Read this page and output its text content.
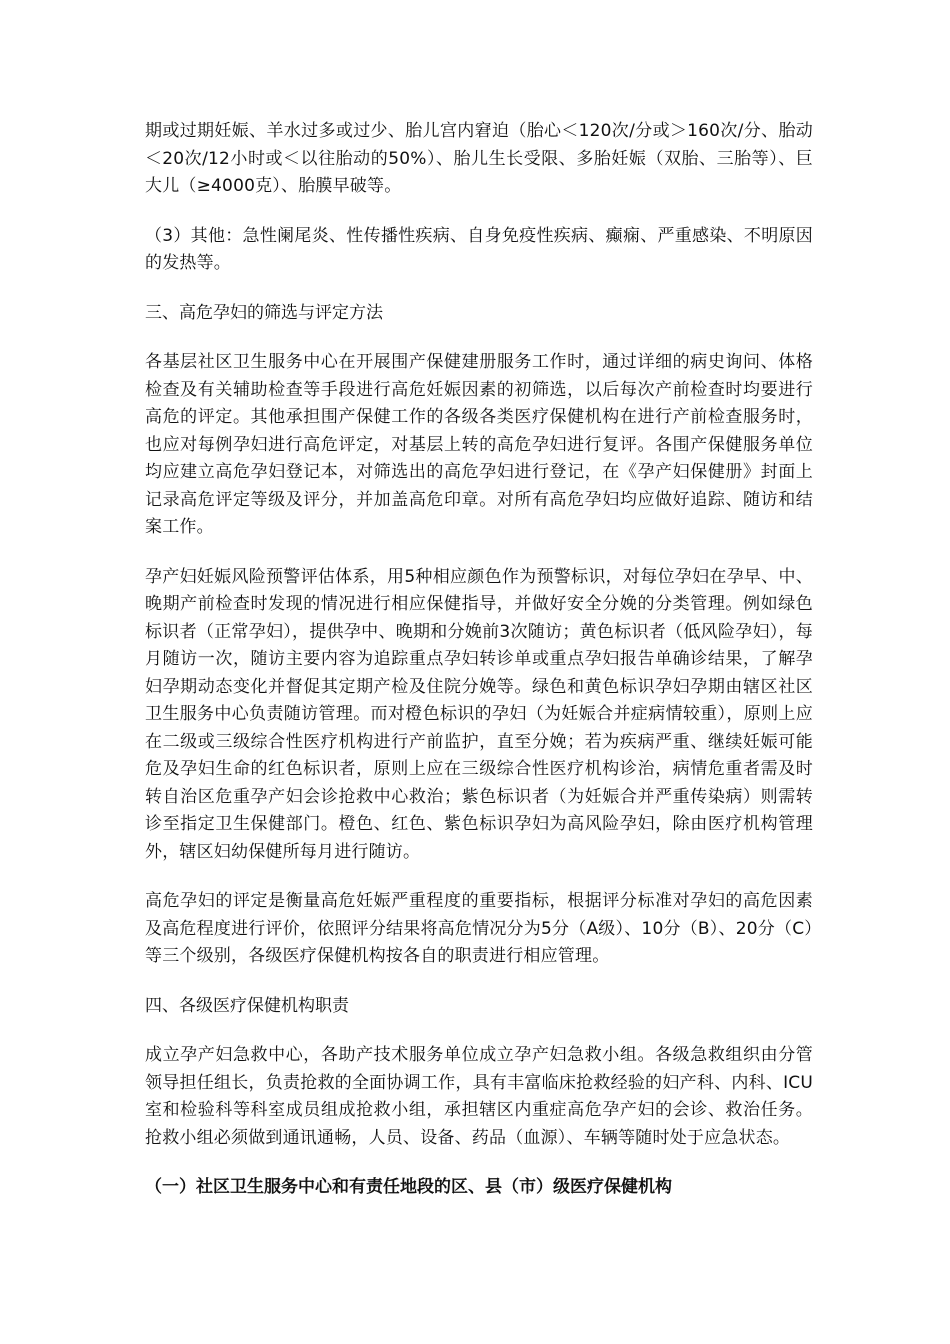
期或过期妊娠、羊水过多或过少、胎儿宫内窘迫（胎心＜120次/分或＞160次/分、胎动＜20次/12小时或＜以往胎动的50%）、胎儿生长受限、多胎妊娠（双胎、三胎等）、巨大儿（≥4000克）、胎膜早破等。

（3）其他：急性阑尾炎、性传播性疾病、自身免疫性疾病、癫痫、严重感染、不明原因的发热等。

三、高危孕妇的筛选与评定方法

各基层社区卫生服务中心在开展围产保健建册服务工作时，通过详细的病史询问、体格检查及有关辅助检查等手段进行高危妊娠因素的初筛选，以后每次产前检查时均要进行高危的评定。其他承担围产保健工作的各级各类医疗保健机构在进行产前检查服务时，也应对每例孕妇进行高危评定，对基层上转的高危孕妇进行复评。各围产保健服务单位均应建立高危孕妇登记本，对筛选出的高危孕妇进行登记，在《孕产妇保健册》封面上记录高危评定等级及评分，并加盖高危印章。对所有高危孕妇均应做好追踪、随访和结案工作。

孕产妇妊娠风险预警评估体系，用5种相应颜色作为预警标识，对每位孕妇在孕早、中、晚期产前检查时发现的情况进行相应保健指导，并做好安全分娩的分类管理。例如绿色标识者（正常孕妇），提供孕中、晚期和分娩前3次随访；黄色标识者（低风险孕妇），每月随访一次，随访主要内容为追踪重点孕妇转诊单或重点孕妇报告单确诊结果，了解孕妇孕期动态变化并督促其定期产检及住院分娩等。绿色和黄色标识孕妇孕期由辖区社区卫生服务中心负责随访管理。而对橙色标识的孕妇（为妊娠合并症病情较重），原则上应在二级或三级综合性医疗机构进行产前监护，直至分娩；若为疾病严重、继续妊娠可能危及孕妇生命的红色标识者，原则上应在三级综合性医疗机构诊治，病情危重者需及时转自治区危重孕产妇会诊抢救中心救治；紫色标识者（为妊娠合并严重传染病）则需转诊至指定卫生保健部门。橙色、红色、紫色标识孕妇为高风险孕妇，除由医疗机构管理外，辖区妇幼保健所每月进行随访。

高危孕妇的评定是衡量高危妊娠严重程度的重要指标，根据评分标准对孕妇的高危因素及高危程度进行评价，依照评分结果将高危情况分为5分（A级）、10分（B）、20分（C）等三个级别，各级医疗保健机构按各自的职责进行相应管理。

四、各级医疗保健机构职责

成立孕产妇急救中心，各助产技术服务单位成立孕产妇急救小组。各级急救组织由分管领导担任组长，负责抢救的全面协调工作，具有丰富临床抢救经验的妇产科、内科、ICU室和检验科等科室成员组成抢救小组，承担辖区内重症高危孕产妇的会诊、救治任务。抢救小组必须做到通讯通畅，人员、设备、药品（血源）、车辆等随时处于应急状态。

（一）社区卫生服务中心和有责任地段的区、县（市）级医疗保健机构
